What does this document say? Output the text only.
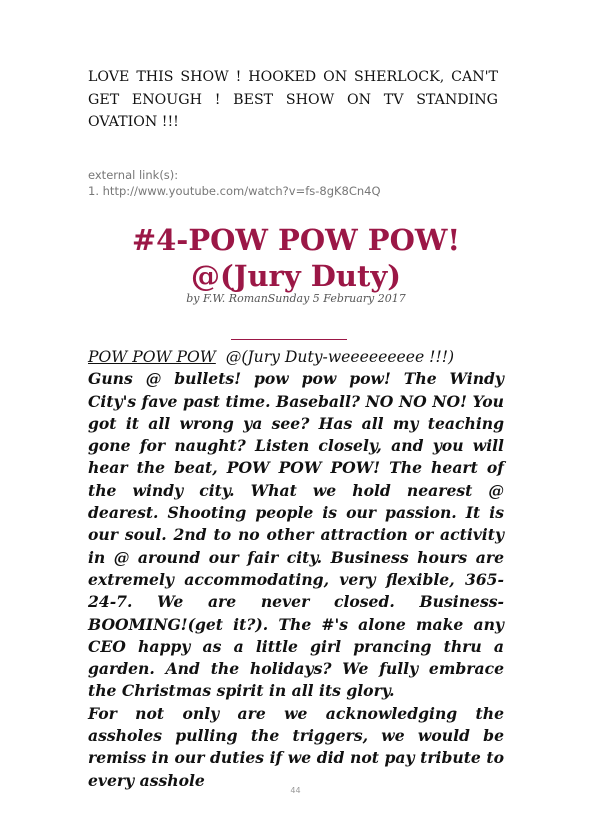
LOVE THIS SHOW ! HOOKED ON SHERLOCK, CAN'T GET ENOUGH ! BEST SHOW ON TV STANDING OVATION !!!
external link(s):
1. http://www.youtube.com/watch?v=fs-8gK8Cn4Q
#4-POW POW POW! @(Jury Duty)
by F.W. RomanSunday 5 February 2017
POW POW POW  @(Jury Duty-weeeeeeeee !!!)

Guns @ bullets! pow pow pow! The Windy City's fave past time. Baseball? NO NO NO! You got it all wrong ya see? Has all my teaching gone for naught? Listen closely, and you will hear the beat, POW POW POW! The heart of the windy city. What we hold nearest @ dearest. Shooting people is our passion. It is our soul. 2nd to no other attraction or activity in @ around our fair city. Business hours are extremely accommodating, very flexible, 365-24-7. We are never closed. Business-BOOMING!(get it?). The #'s alone make any CEO happy as a little girl prancing thru a garden. And the holidays? We fully embrace the Christmas spirit in all its glory.

For not only are we acknowledging the assholes pulling the triggers, we would be remiss in our duties if we did not pay tribute to every asshole

44
